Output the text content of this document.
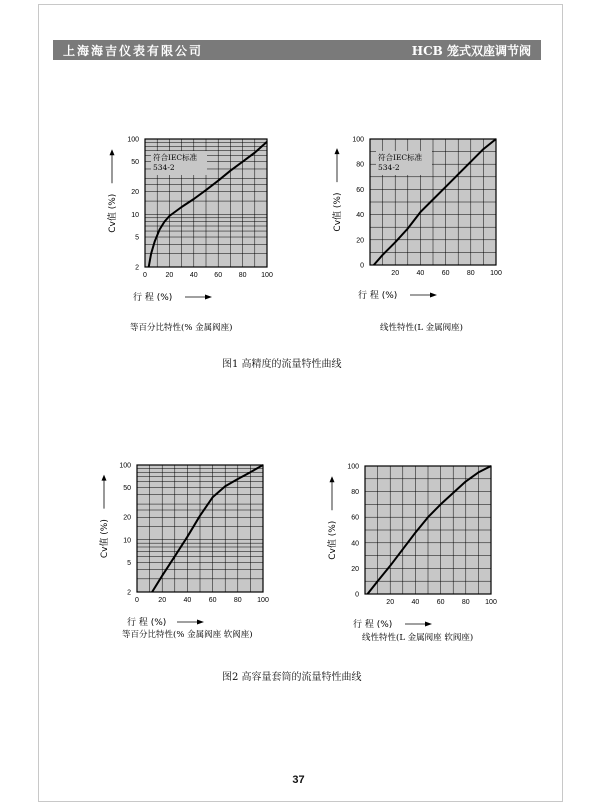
上海海吉仪表有限公司	HCB 笼式双座调节阀
0	20 40 60 80 100
2
5
10
20
50
100
Cv值 (%)
行 程 (%)
等百分比特性(% 金属阀座)
符合IEC标准
534-2
20 40 60 80 100
0
20
40
60
80
100
Cv值 (%)
行 程 (%)
线性特性(L 金属阀座)
符合IEC标准
534-2
0	20 40 60 80 100
2
5
10
20
50
100
Cv值 (%)
行 程 (%)
等百分比特性(% 金属阀座 软阀座)
20 40 60 80 100
0
20
40
60
80
100
Cv值 (%)
行 程 (%)
线性特性(L 金属阀座 软阀座)
图1 高精度的流量特性曲线
图2 高容量套筒的流量特性曲线
37
